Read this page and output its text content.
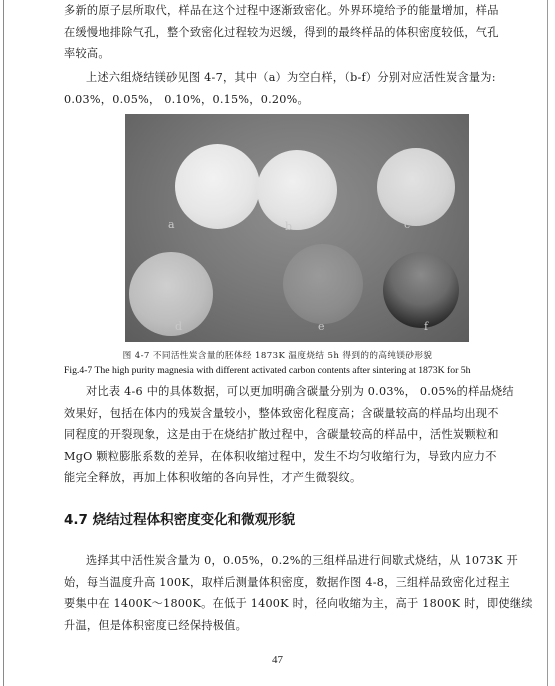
多新的原子层所取代，样品在这个过程中逐渐致密化。外界环境给予的能量增加，样品
在缓慢地排除气孔，整个致密化过程较为迟缓，得到的最终样品的体积密度较低，气孔
率较高。
上述六组烧结镁砂见图 4-7，其中（a）为空白样，（b-f）分别对应活性炭含量为:
0.03%，0.05%， 0.10%，0.15%，0.20%。
a	b	c
d	e	f

图 4-7 不同活性炭含量的胚体经 1873K 温度烧结 5h 得到的的高纯镁砂形貌

Fig.4-7 The high purity magnesia with different activated carbon contents after sintering at 1873K for 5h

对比表 4-6 中的具体数据，可以更加明确含碳量分别为 0.03%， 0.05%的样品烧结
效果好，包括在体内的残炭含量较小，整体致密化程度高；含碳量较高的样品均出现不
同程度的开裂现象，这是由于在烧结扩散过程中，含碳量较高的样品中，活性炭颗粒和
MgO 颗粒膨胀系数的差异，在体积收缩过程中，发生不均匀收缩行为，导致内应力不
能完全释放，再加上体积收缩的各向异性，才产生微裂纹。
4.7 烧结过程体积密度变化和微观形貌
选择其中活性炭含量为 0，0.05%，0.2%的三组样品进行间歇式烧结，从 1073K 开
始，每当温度升高 100K，取样后测量体积密度，数据作图 4-8，三组样品致密化过程主
要集中在 1400K～1800K。在低于 1400K 时，径向收缩为主，高于 1800K 时，即使继续
升温，但是体积密度已经保持极值。
47
